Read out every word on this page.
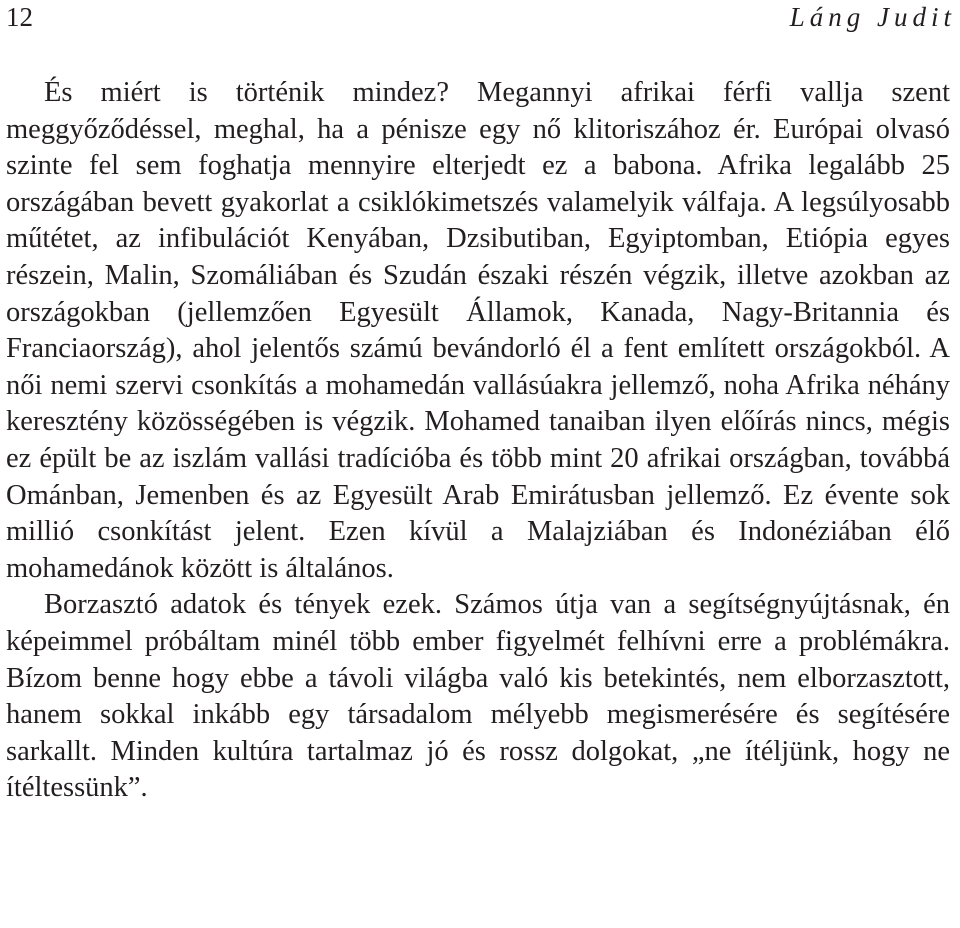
12	Láng Judit

És miért is történik mindez? Megannyi afrikai férfi vallja szent meggyőződéssel, meghal, ha a pénisze egy nő klitoriszához ér. Európai olvasó szinte fel sem foghatja mennyire elterjedt ez a babona. Afrika legalább 25 országában bevett gyakorlat a csiklókimetszés valamelyik válfaja. A legsúlyosabb műtétet, az infibulációt Kenyában, Dzsibutiban, Egyiptomban, Etiópia egyes részein, Malin, Szomáliában és Szudán északi részén végzik, illetve azokban az országokban (jellemzően Egyesült Államok, Kanada, Nagy-Britannia és Franciaország), ahol jelentős számú bevándorló él a fent említett országokból. A női nemi szervi csonkítás a mohamedán vallásúakra jellemző, noha Afrika néhány keresztény közösségében is végzik. Mohamed tanaiban ilyen előírás nincs, mégis ez épült be az iszlám vallási tradícióba és több mint 20 afrikai országban, továbbá Ománban, Jemenben és az Egyesült Arab Emirátusban jellemző. Ez évente sok millió csonkítást jelent. Ezen kívül a Malajziában és Indonéziában élő mohamedánok között is általános.

Borzasztó adatok és tények ezek. Számos útja van a segítségnyújtásnak, én képeimmel próbáltam minél több ember figyelmét felhívni erre a problémákra. Bízom benne hogy ebbe a távoli világba való kis betekintés, nem elborzasztott, hanem sokkal inkább egy társadalom mélyebb megismerésére és segítésére sarkallt. Minden kultúra tartalmaz jó és rossz dolgokat, „ne ítéljünk, hogy ne ítéltessünk”.
